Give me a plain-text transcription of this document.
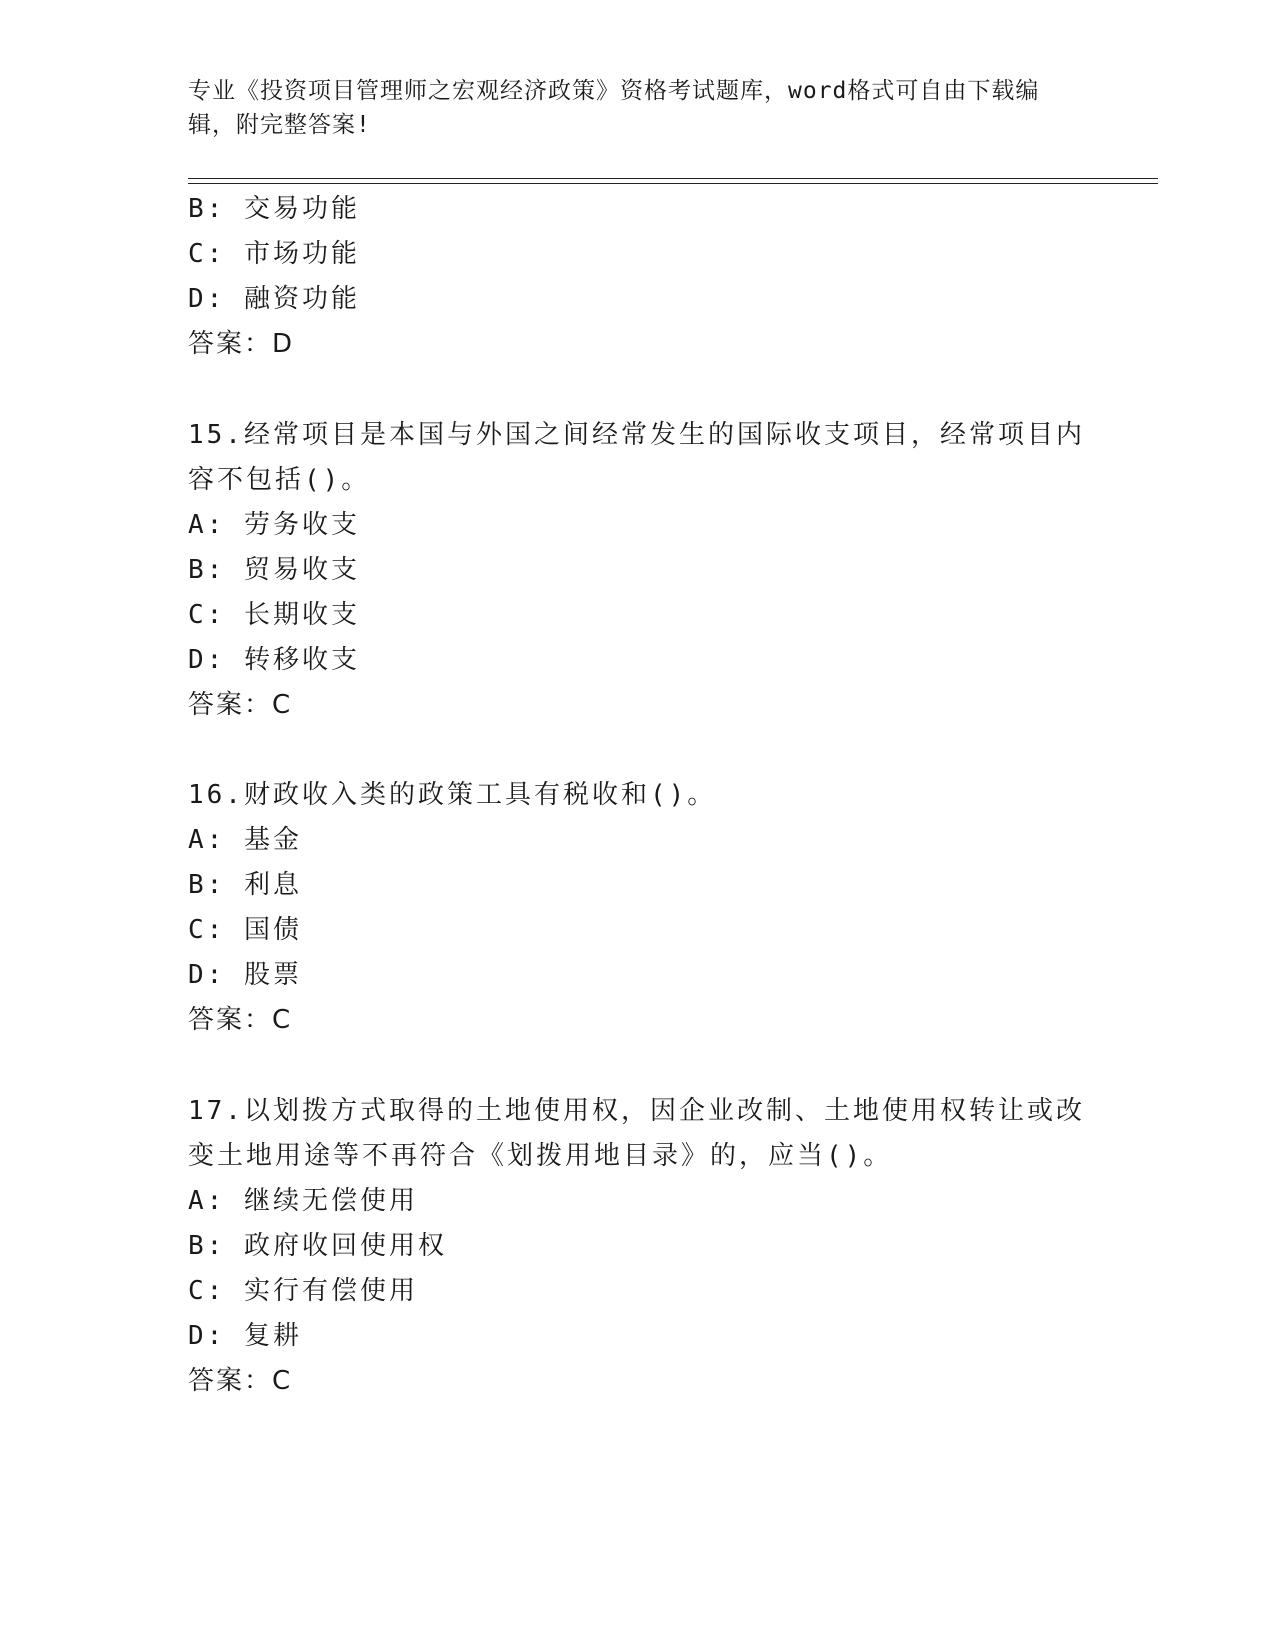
专业《投资项目管理师之宏观经济政策》资格考试题库，word格式可自由下载编
辑，附完整答案!
B: 交易功能
C: 市场功能
D: 融资功能
答案：D
15.经常项目是本国与外国之间经常发生的国际收支项目，经常项目内
容不包括()。
A: 劳务收支
B: 贸易收支
C: 长期收支
D: 转移收支
答案：C
16.财政收入类的政策工具有税收和()。
A: 基金
B: 利息
C: 国债
D: 股票
答案：C
17.以划拨方式取得的土地使用权，因企业改制、土地使用权转让或改
变土地用途等不再符合《划拨用地目录》的，应当()。
A: 继续无偿使用
B: 政府收回使用权
C: 实行有偿使用
D: 复耕
答案：C
